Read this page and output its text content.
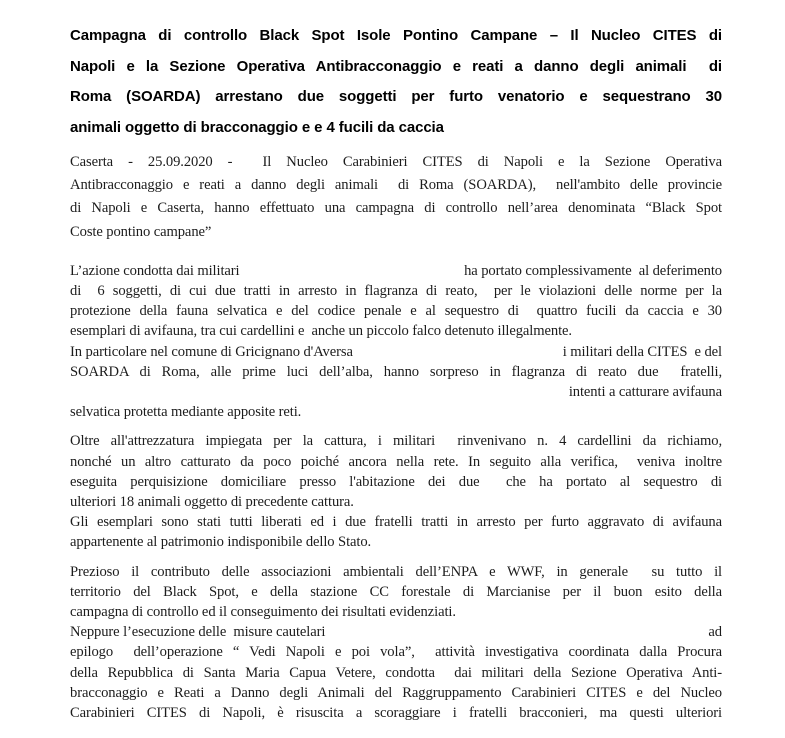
Campagna di controllo Black Spot Isole Pontino Campane – Il Nucleo CITES di
Napoli e la Sezione Operativa Antibracconaggio e reati a danno degli animali  di
Roma (SOARDA) arrestano due soggetti per furto venatorio e sequestrano 30
animali oggetto di bracconaggio e e 4 fucili da caccia
Caserta - 25.09.2020 -  Il Nucleo Carabinieri CITES di Napoli e la Sezione Operativa
Antibracconaggio e reati a danno degli animali  di Roma (SOARDA),  nell'ambito delle provincie
di Napoli e Caserta, hanno effettuato una campagna di controllo nell’area denominata “Black Spot
Coste pontino campane”
L’azione condotta dai militari	ha portato complessivamente  al deferimento
di  6 soggetti, di cui due tratti in arresto in flagranza di reato,  per le violazioni delle norme per la
protezione della fauna selvatica e del codice penale e al sequestro di  quattro fucili da caccia e 30
esemplari di avifauna, tra cui cardellini e  anche un piccolo falco detenuto illegalmente.
In particolare nel comune di Gricignano d'Aversa	i militari della CITES  e del
SOARDA di Roma, alle prime luci dell’alba, hanno sorpreso in flagranza di reato due  fratelli,
intenti a catturare avifauna
selvatica protetta mediante apposite reti.
Oltre all'attrezzatura impiegata per la cattura, i militari  rinvenivano n. 4 cardellini da richiamo,
nonché un altro catturato da poco poiché ancora nella rete. In seguito alla verifica,  veniva inoltre
eseguita perquisizione domiciliare presso l'abitazione dei due  che ha portato al sequestro di
ulteriori 18 animali oggetto di precedente cattura.
Gli esemplari sono stati tutti liberati ed i due fratelli tratti in arresto per furto aggravato di avifauna
appartenente al patrimonio indisponibile dello Stato.
Prezioso il contributo delle associazioni ambientali dell’ENPA e WWF, in generale  su tutto il
territorio del Black Spot, e della stazione CC forestale di Marcianise per il buon esito della
campagna di controllo ed il conseguimento dei risultati evidenziati.
Neppure l’esecuzione delle  misure cautelari	ad
epilogo  dell’operazione “ Vedi Napoli e poi vola”,  attività investigativa coordinata dalla Procura
della Repubblica di Santa Maria Capua Vetere, condotta  dai militari della Sezione Operativa Anti-
bracconaggio e Reati a Danno degli Animali del Raggruppamento Carabinieri CITES e del Nucleo
Carabinieri CITES di Napoli, è risuscita a scoraggiare i fratelli bracconieri, ma questi ulteriori
